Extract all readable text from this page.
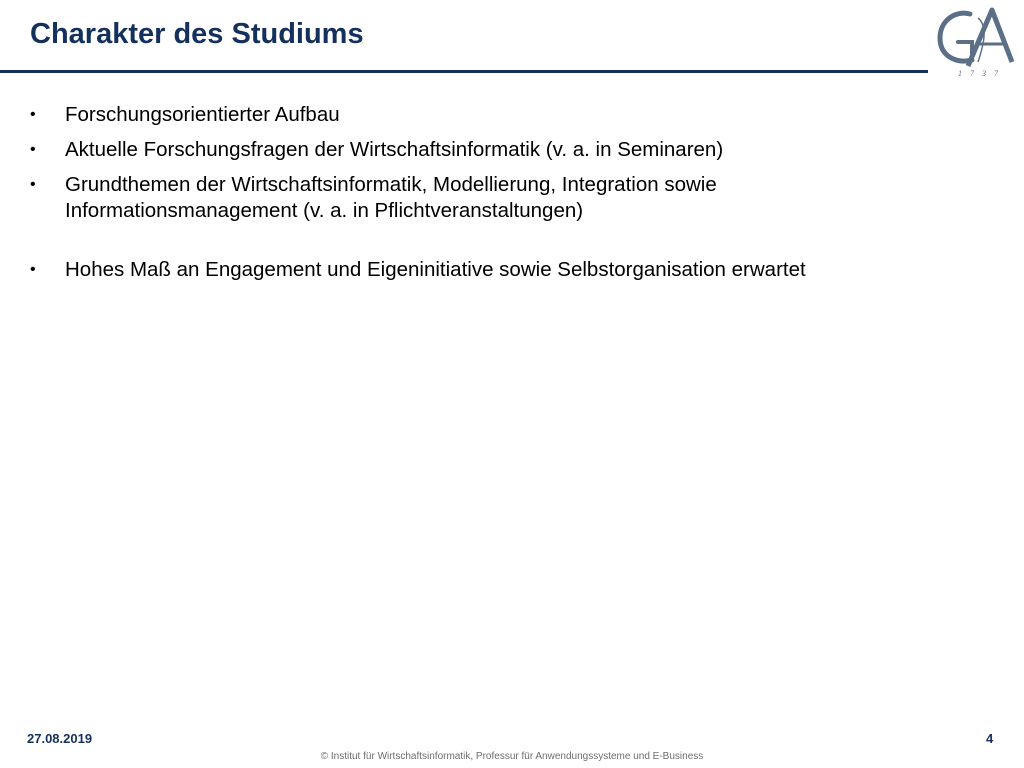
Charakter des Studiums
1 7 3 7
• Forschungsorientierter Aufbau
• Aktuelle Forschungsfragen der Wirtschaftsinformatik (v. a. in Seminaren)
• Grundthemen der Wirtschaftsinformatik, Modellierung, Integration sowie Informationsmanagement (v. a. in Pflichtveranstaltungen)
• Hohes Maß an Engagement und Eigeninitiative sowie Selbstorganisation erwartet
27.08.2019	4
© Institut für Wirtschaftsinformatik, Professur für Anwendungssysteme und E-Business
